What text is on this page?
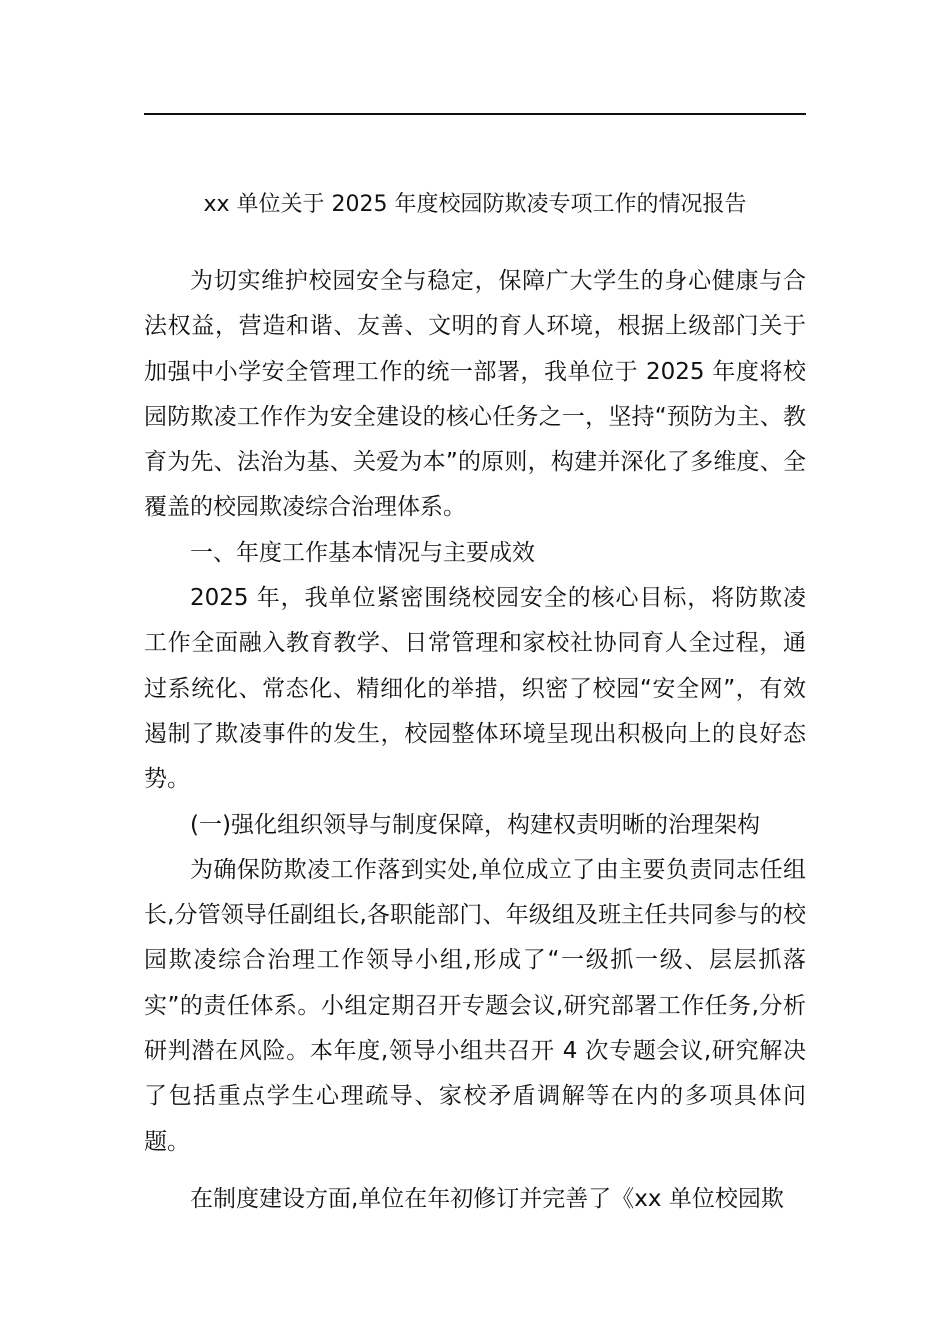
xx 单位关于 2025 年度校园防欺凌专项工作的情况报告

为切实维护校园安全与稳定，保障广大学生的身心健康与合法权益，营造和谐、友善、文明的育人环境，根据上级部门关于加强中小学安全管理工作的统一部署，我单位于 2025 年度将校园防欺凌工作作为安全建设的核心任务之一，坚持“预防为主、教育为先、法治为基、关爱为本”的原则，构建并深化了多维度、全覆盖的校园欺凌综合治理体系。

一、年度工作基本情况与主要成效

2025 年，我单位紧密围绕校园安全的核心目标，将防欺凌工作全面融入教育教学、日常管理和家校社协同育人全过程，通过系统化、常态化、精细化的举措，织密了校园“安全网”，有效遏制了欺凌事件的发生，校园整体环境呈现出积极向上的良好态势。

(一)强化组织领导与制度保障，构建权责明晰的治理架构

为确保防欺凌工作落到实处,单位成立了由主要负责同志任组长,分管领导任副组长,各职能部门、年级组及班主任共同参与的校园欺凌综合治理工作领导小组,形成了“一级抓一级、层层抓落实”的责任体系。小组定期召开专题会议,研究部署工作任务,分析研判潜在风险。本年度,领导小组共召开 4 次专题会议,研究解决了包括重点学生心理疏导、家校矛盾调解等在内的多项具体问题。

在制度建设方面,单位在年初修订并完善了《xx 单位校园欺
